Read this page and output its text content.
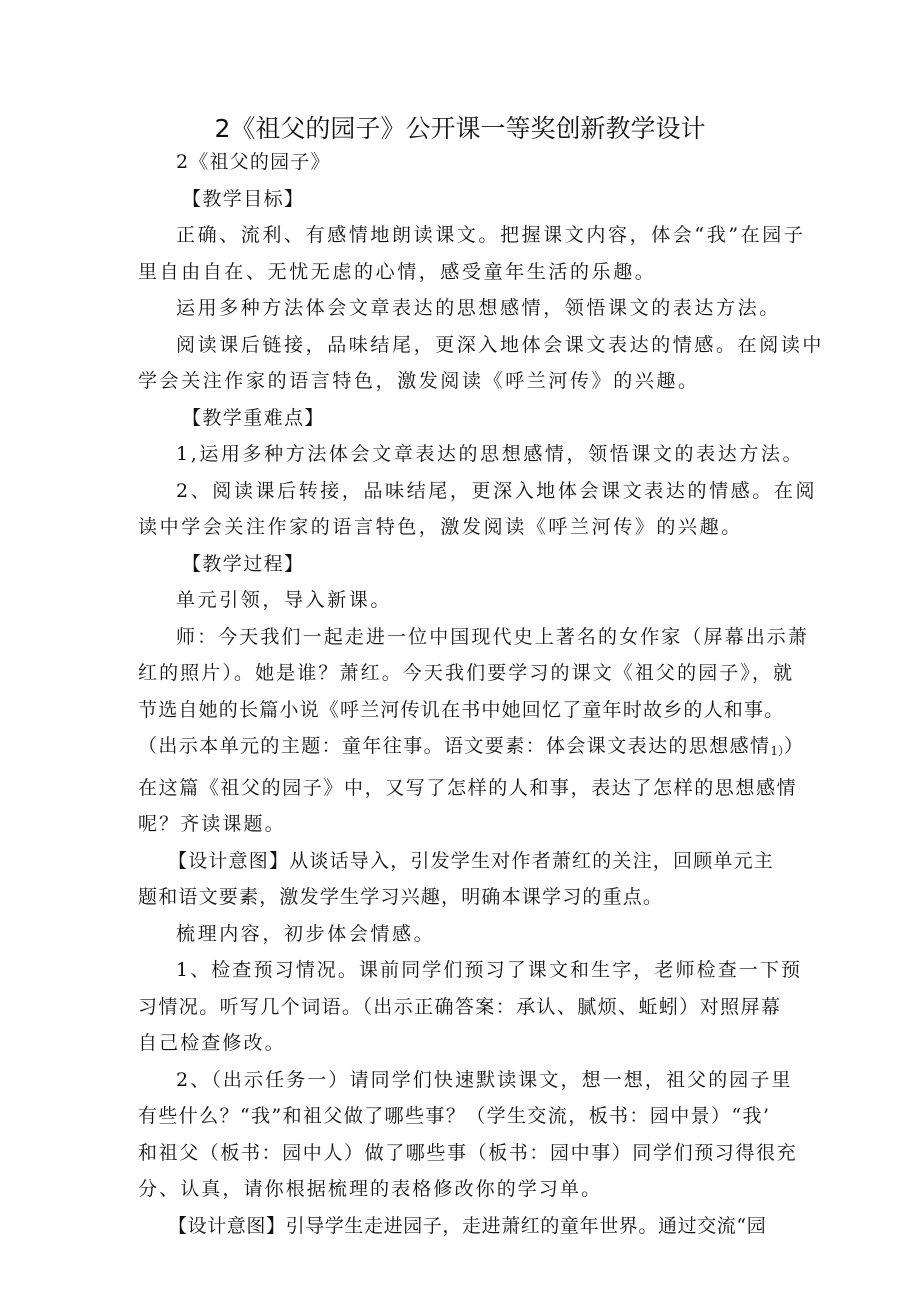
2《祖父的园子》公开课一等奖创新教学设计

2《祖父的园子》

【教学目标】

正确、流利、有感情地朗读课文。把握课文内容，体会“我”在园子
里自由自在、无忧无虑的心情，感受童年生活的乐趣。

运用多种方法体会文章表达的思想感情，领悟课文的表达方法。

阅读课后链接，品味结尾，更深入地体会课文表达的情感。在阅读中
学会关注作家的语言特色，激发阅读《呼兰河传》的兴趣。

【教学重难点】

1,运用多种方法体会文章表达的思想感情，领悟课文的表达方法。

2、阅读课后转接，品味结尾，更深入地体会课文表达的情感。在阅
读中学会关注作家的语言特色，激发阅读《呼兰河传》的兴趣。

【教学过程】

单元引领，导入新课。

师：今天我们一起走进一位中国现代史上著名的女作家（屏幕出示萧
红的照片）。她是谁？萧红。今天我们要学习的课文《祖父的园子》，就
节选自她的长篇小说《呼兰河传讥在书中她回忆了童年时故乡的人和事。
（出示本单元的主题：童年往事。语文要素：体会课文表达的思想感情$_{1)}$）
在这篇《祖父的园子》中，又写了怎样的人和事，表达了怎样的思想感情
呢？齐读课题。

【设计意图】从谈话导入，引发学生对作者萧红的关注，回顾单元主
题和语文要素，激发学生学习兴趣，明确本课学习的重点。

梳理内容，初步体会情感。

1、检查预习情况。课前同学们预习了课文和生字，老师检查一下预
习情况。听写几个词语。（出示正确答案：承认、腻烦、蚯蚓）对照屏幕
自己检查修改。

2、（出示任务一）请同学们快速默读课文，想一想，祖父的园子里
有些什么？“我”和祖父做了哪些事？（学生交流，板书：园中景）“我’
和祖父（板书：园中人）做了哪些事（板书：园中事）同学们预习得很充
分、认真，请你根据梳理的表格修改你的学习单。

【设计意图】引导学生走进园子，走进萧红的童年世界。通过交流“园
